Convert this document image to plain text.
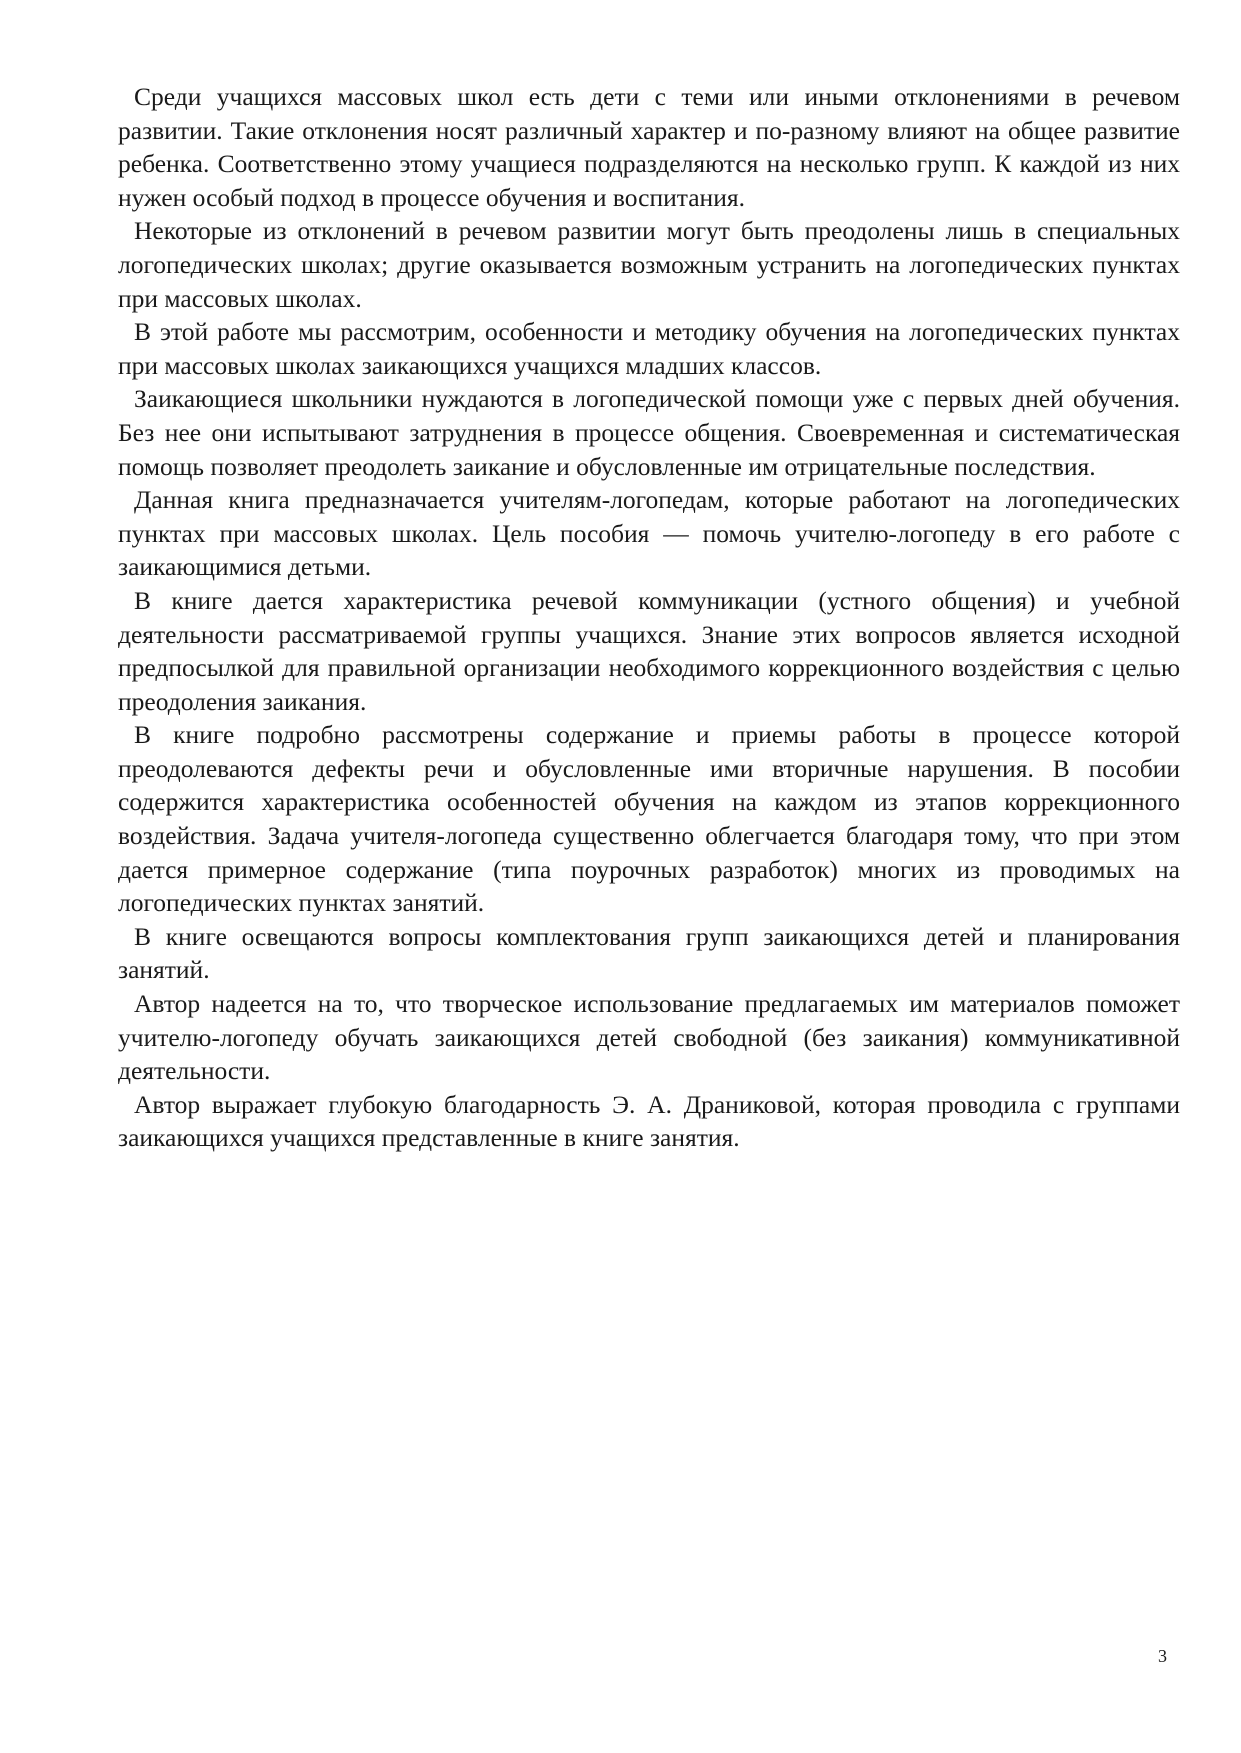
Среди учащихся массовых школ есть дети с теми или иными отклонениями в речевом развитии. Такие отклонения носят различный характер и по-разному влияют на общее развитие ребенка. Соответственно этому учащиеся подразделяются на несколько групп. К каждой из них нужен особый подход в процессе обучения и воспитания.

Некоторые из отклонений в речевом развитии могут быть преодолены лишь в специальных логопедических школах; другие оказывается возможным устранить на логопедических пунктах при массовых школах.

В этой работе мы рассмотрим, особенности и методику обучения на логопедических пунктах при массовых школах заикающихся учащихся младших классов.

Заикающиеся школьники нуждаются в логопедической помощи уже с первых дней обучения. Без нее они испытывают затруднения в процессе общения. Своевременная и систематическая помощь позволяет преодолеть заикание и обусловленные им отрицательные последствия.

Данная книга предназначается учителям-логопедам, которые работают на логопедических пунктах при массовых школах. Цель пособия — помочь учителю-логопеду в его работе с заикающимися детьми.

В книге дается характеристика речевой коммуникации (устного общения) и учебной деятельности рассматриваемой группы учащихся. Знание этих вопросов является исходной предпосылкой для правильной организации необходимого коррекционного воздействия с целью преодоления заикания.

В книге подробно рассмотрены содержание и приемы работы в процессе которой преодолеваются дефекты речи и обусловленные ими вторичные нарушения. В пособии содержится характеристика особенностей обучения на каждом из этапов коррекционного воздействия. Задача учителя-логопеда существенно облегчается благодаря тому, что при этом дается примерное содержание (типа поурочных разработок) многих из проводимых на логопедических пунктах занятий.

В книге освещаются вопросы комплектования групп заикающихся детей и планирования занятий.

Автор надеется на то, что творческое использование предлагаемых им материалов поможет учителю-логопеду обучать заикающихся детей свободной (без заикания) коммуникативной деятельности.

Автор выражает глубокую благодарность Э. А. Драниковой, которая проводила с группами заикающихся учащихся представленные в книге занятия.

3
